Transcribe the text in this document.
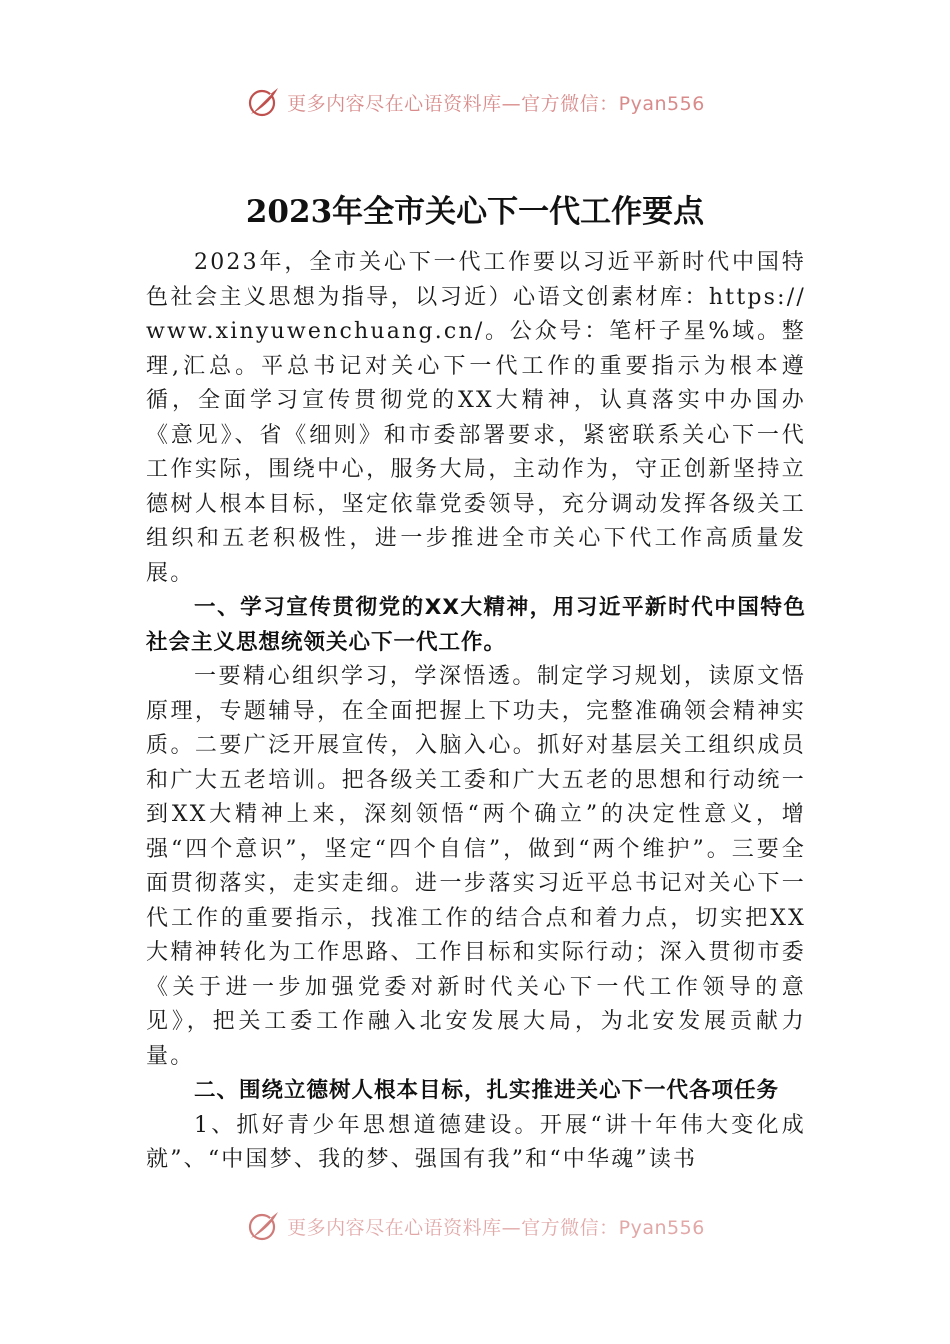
更多内容尽在心语资料库—官方微信：Pyan556
2023年全市关心下一代工作要点

2023年，全市关心下一代工作要以习近平新时代中国特色社会主义思想为指导，以习近）心语文创素材库：https://www.xinyuwenchuang.cn/。公众号：笔杆子星%域。整理,汇总。平总书记对关心下一代工作的重要指示为根本遵循，全面学习宣传贯彻党的XX大精神，认真落实中办国办《意见》、省《细则》和市委部署要求，紧密联系关心下一代工作实际，围绕中心，服务大局，主动作为，守正创新坚持立德树人根本目标，坚定依靠党委领导，充分调动发挥各级关工组织和五老积极性，进一步推进全市关心下代工作高质量发展。

一、学习宣传贯彻党的XX大精神，用习近平新时代中国特色社会主义思想统领关心下一代工作。

一要精心组织学习，学深悟透。制定学习规划，读原文悟原理，专题辅导，在全面把握上下功夫，完整准确领会精神实质。二要广泛开展宣传，入脑入心。抓好对基层关工组织成员和广大五老培训。把各级关工委和广大五老的思想和行动统一到XX大精神上来，深刻领悟“两个确立”的决定性意义，增强“四个意识”，坚定“四个自信”，做到“两个维护”。三要全面贯彻落实，走实走细。进一步落实习近平总书记对关心下一代工作的重要指示，找准工作的结合点和着力点，切实把XX大精神转化为工作思路、工作目标和实际行动；深入贯彻市委《关于进一步加强党委对新时代关心下一代工作领导的意见》，把关工委工作融入北安发展大局，为北安发展贡献力量。

二、围绕立德树人根本目标，扎实推进关心下一代各项任务

1、抓好青少年思想道德建设。开展“讲十年伟大变化成就”、“中国梦、我的梦、强国有我”和“中华魂”读书

更多内容尽在心语资料库—官方微信：Pyan556
